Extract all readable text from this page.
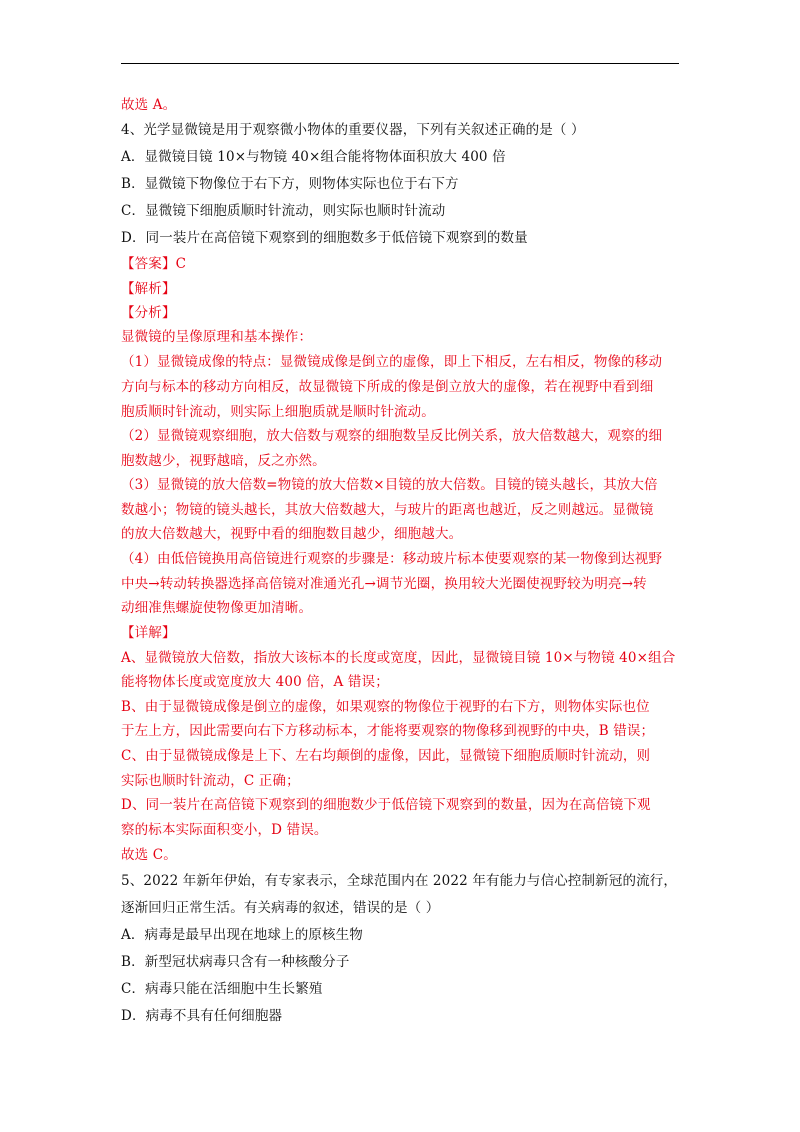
故选 A。
4、光学显微镜是用于观察微小物体的重要仪器，下列有关叙述正确的是（ ）
A．显微镜目镜 10×与物镜 40×组合能将物体面积放大 400 倍
B．显微镜下物像位于右下方，则物体实际也位于右下方
C．显微镜下细胞质顺时针流动，则实际也顺时针流动
D．同一装片在高倍镜下观察到的细胞数多于低倍镜下观察到的数量
【答案】C
【解析】
【分析】
显微镜的呈像原理和基本操作：
（1）显微镜成像的特点：显微镜成像是倒立的虚像，即上下相反，左右相反，物像的移动
方向与标本的移动方向相反，故显微镜下所成的像是倒立放大的虚像，若在视野中看到细
胞质顺时针流动，则实际上细胞质就是顺时针流动。
（2）显微镜观察细胞，放大倍数与观察的细胞数呈反比例关系，放大倍数越大，观察的细
胞数越少，视野越暗，反之亦然。
（3）显微镜的放大倍数=物镜的放大倍数×目镜的放大倍数。目镜的镜头越长，其放大倍
数越小；物镜的镜头越长，其放大倍数越大，与玻片的距离也越近，反之则越远。显微镜
的放大倍数越大，视野中看的细胞数目越少，细胞越大。
（4）由低倍镜换用高倍镜进行观察的步骤是：移动玻片标本使要观察的某一物像到达视野
中央→转动转换器选择高倍镜对准通光孔→调节光圈，换用较大光圈使视野较为明亮→转
动细准焦螺旋使物像更加清晰。
【详解】
A、显微镜放大倍数，指放大该标本的长度或宽度，因此，显微镜目镜 10×与物镜 40×组合
能将物体长度或宽度放大 400 倍，A 错误；
B、由于显微镜成像是倒立的虚像，如果观察的物像位于视野的右下方，则物体实际也位
于左上方，因此需要向右下方移动标本，才能将要观察的物像移到视野的中央，B 错误；
C、由于显微镜成像是上下、左右均颠倒的虚像，因此，显微镜下细胞质顺时针流动，则
实际也顺时针流动，C 正确；
D、同一装片在高倍镜下观察到的细胞数少于低倍镜下观察到的数量，因为在高倍镜下观
察的标本实际面积变小，D 错误。
故选 C。
5、2022 年新年伊始，有专家表示，全球范围内在 2022 年有能力与信心控制新冠的流行，
逐渐回归正常生活。有关病毒的叙述，错误的是（ ）
A．病毒是最早出现在地球上的原核生物
B．新型冠状病毒只含有一种核酸分子
C．病毒只能在活细胞中生长繁殖
D．病毒不具有任何细胞器
